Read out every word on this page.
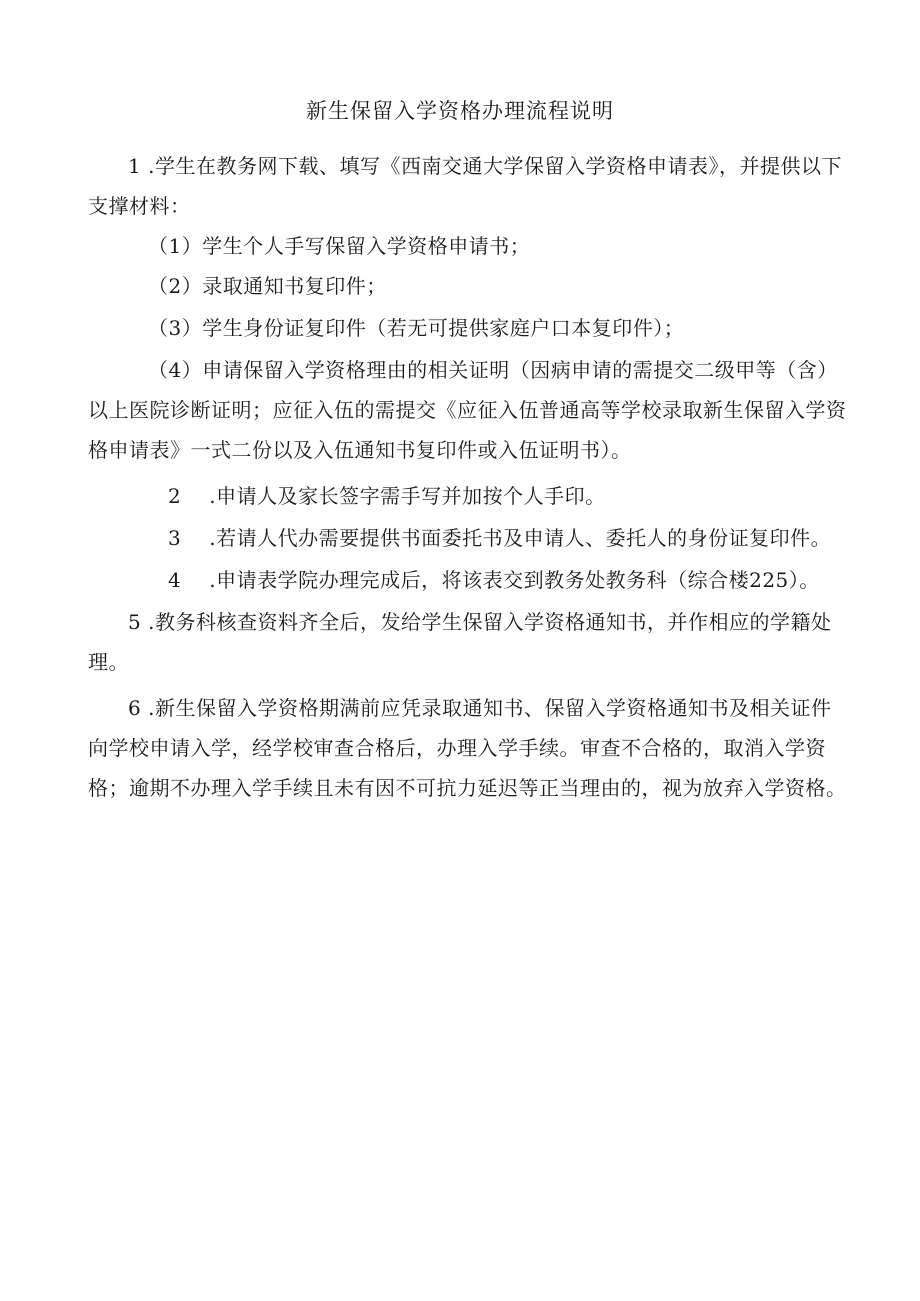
新生保留入学资格办理流程说明
1 .学生在教务网下载、填写《西南交通大学保留入学资格申请表》，并提供以下支撑材料：
（1）学生个人手写保留入学资格申请书；
（2）录取通知书复印件；
（3）学生身份证复印件（若无可提供家庭户口本复印件）；
（4）申请保留入学资格理由的相关证明（因病申请的需提交二级甲等（含）以上医院诊断证明；应征入伍的需提交《应征入伍普通高等学校录取新生保留入学资格申请表》一式二份以及入伍通知书复印件或入伍证明书）。
2 .申请人及家长签字需手写并加按个人手印。
3 .若请人代办需要提供书面委托书及申请人、委托人的身份证复印件。
4 .申请表学院办理完成后，将该表交到教务处教务科（综合楼225）。
5 .教务科核查资料齐全后，发给学生保留入学资格通知书，并作相应的学籍处理。
6 .新生保留入学资格期满前应凭录取通知书、保留入学资格通知书及相关证件向学校申请入学，经学校审查合格后，办理入学手续。审查不合格的，取消入学资格；逾期不办理入学手续且未有因不可抗力延迟等正当理由的，视为放弃入学资格。
